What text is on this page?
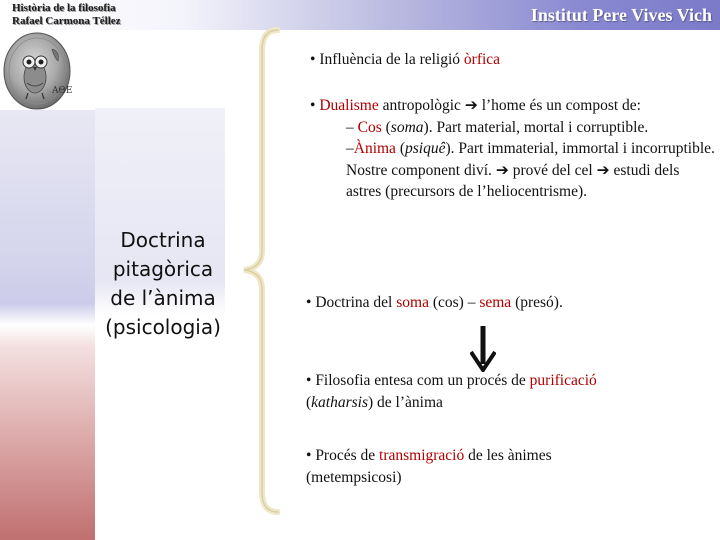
Història de la filosofia
Rafael Carmona Téllez	Institut Pere Vives Vich
ΑΘΕ
Doctrina
pitagòrica
de l’ànima
(psicologia)
• Influència de la religió òrfica
• Dualisme antropològic ➔ l’home és un compost de:
– Cos (soma). Part material, mortal i corruptible.
–Ànima (psiquê). Part immaterial, immortal i incorruptible. Nostre component diví. ➔ prové del cel ➔ estudi dels astres (precursors de l’heliocentrisme).
• Doctrina del soma (cos) – sema (presó).
• Filosofia entesa com un procés de purificació
(katharsis) de l’ànima
• Procés de transmigració de les ànimes
(metempsicosi)
